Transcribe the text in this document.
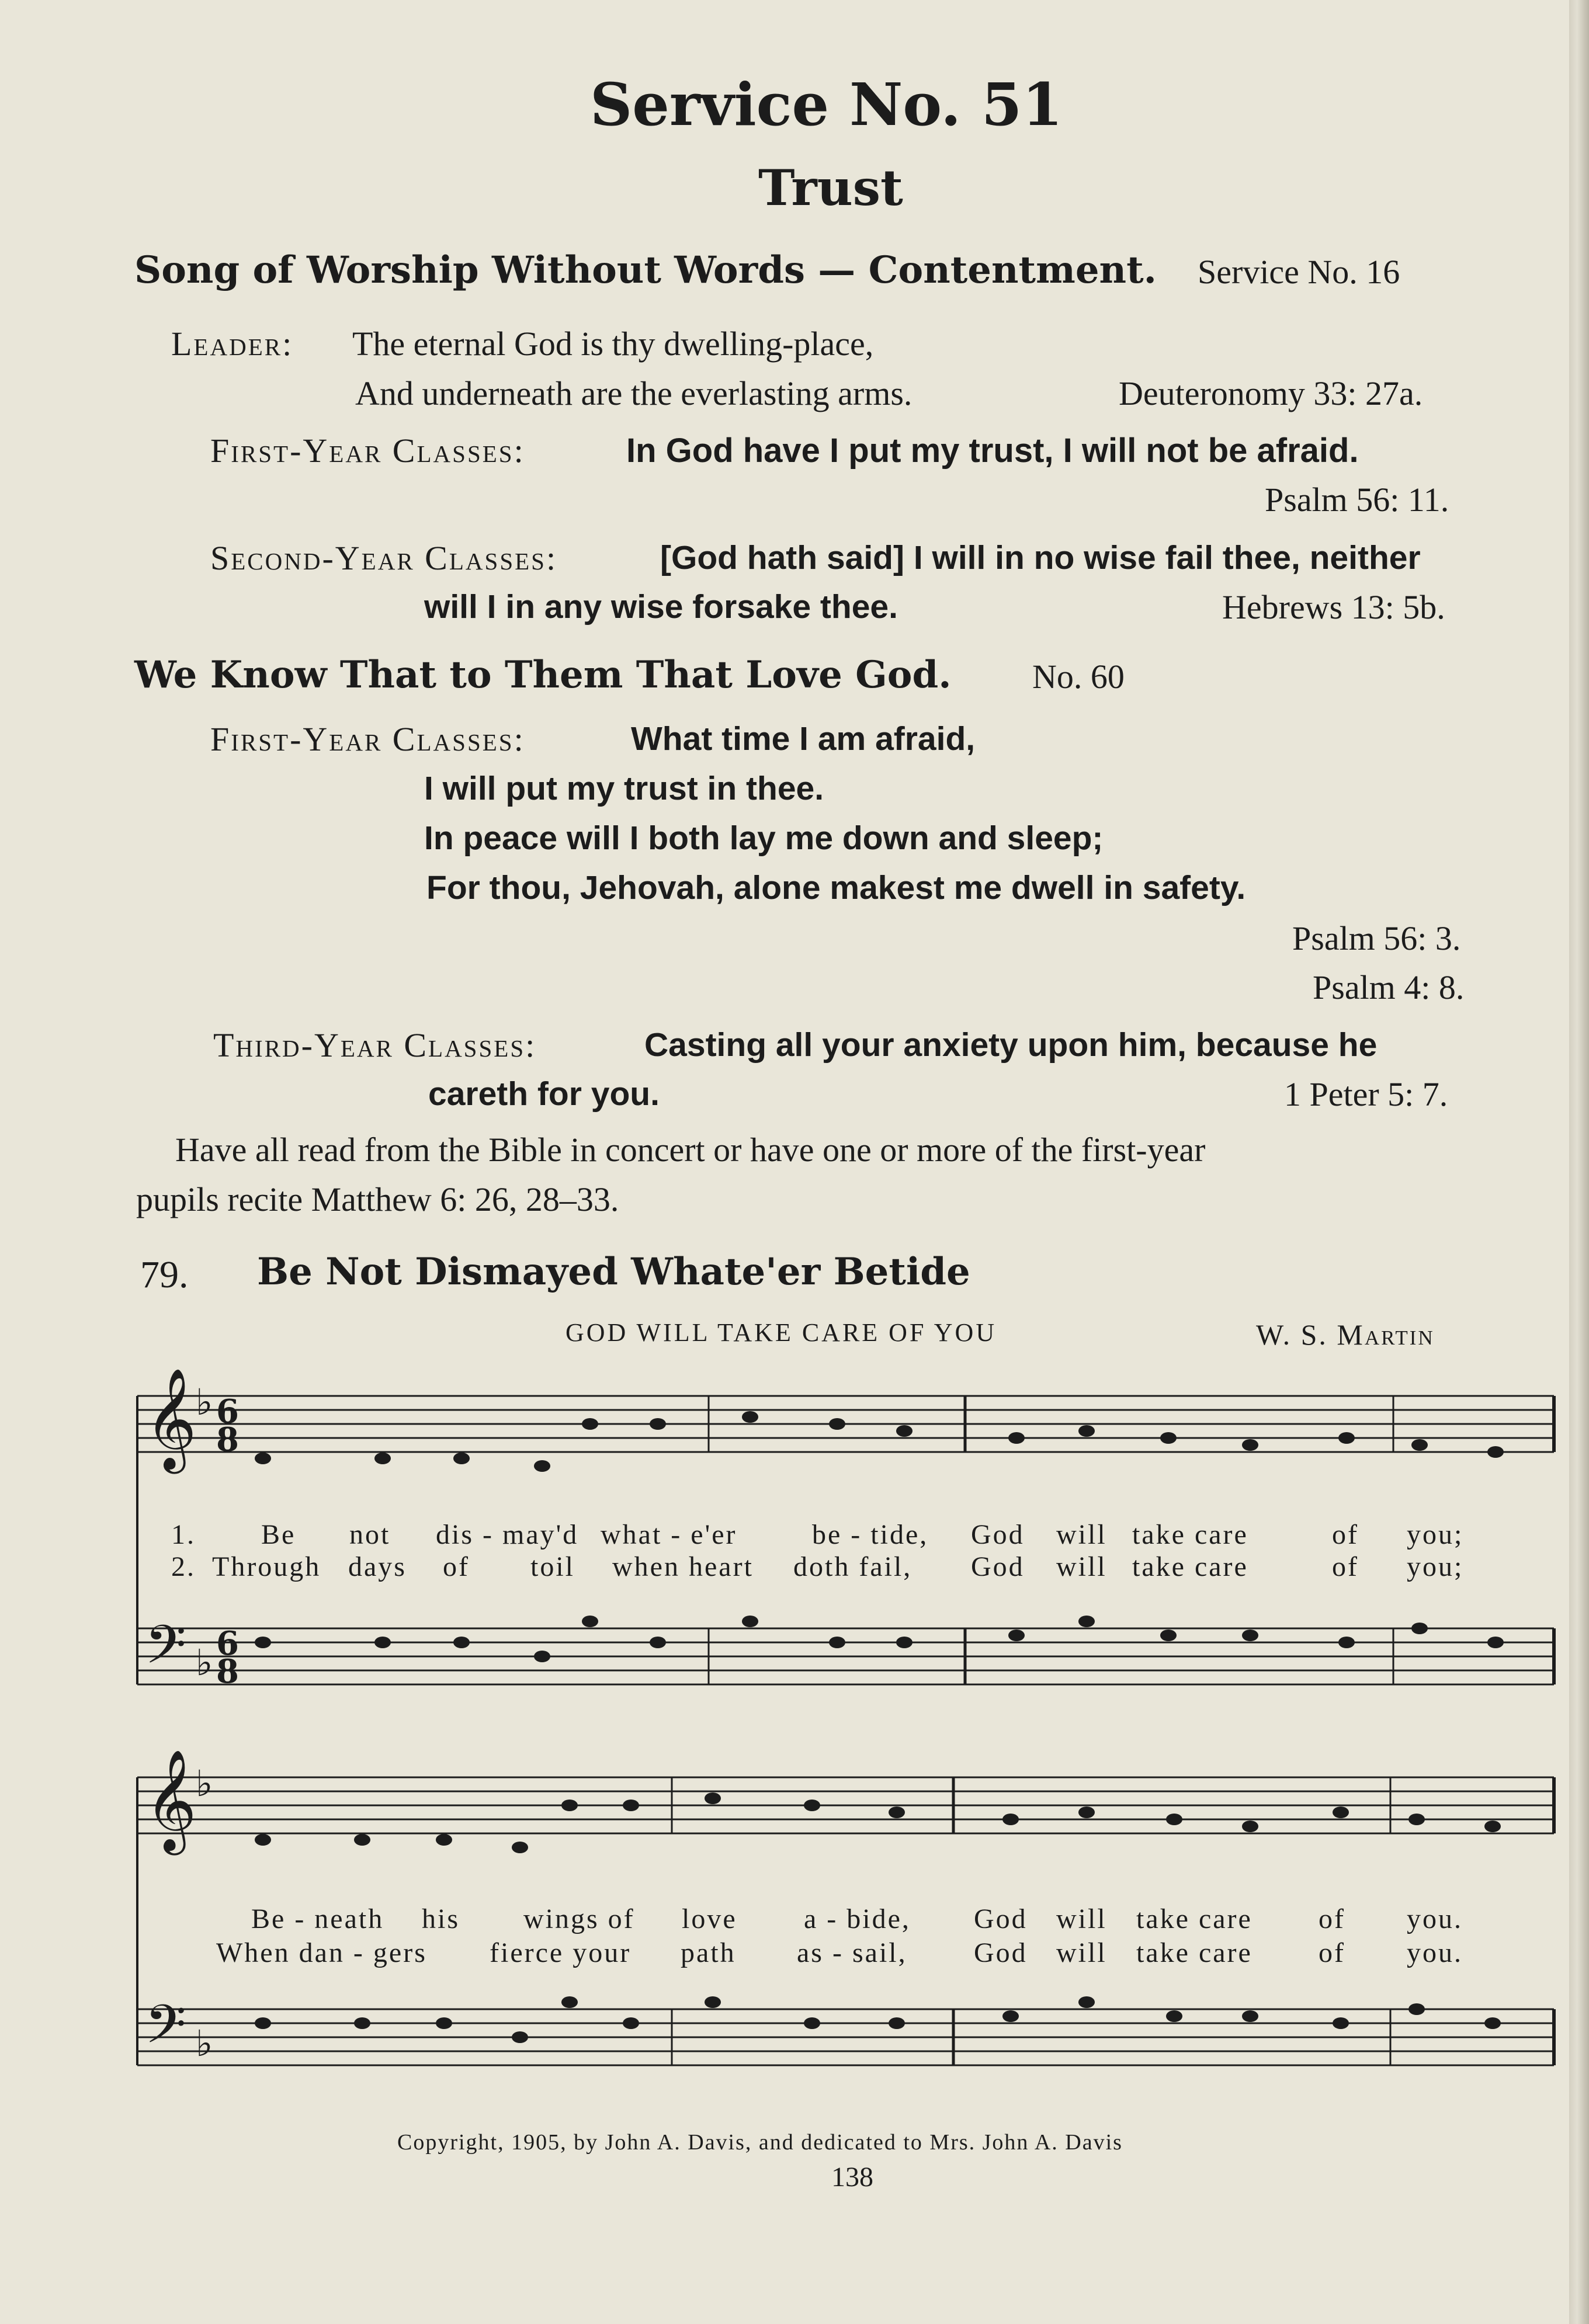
Service No. 51
Trust
Song of Worship Without Words — Contentment. Service No. 16
Leader: The eternal God is thy dwelling-place,
And underneath are the everlasting arms.	Deuteronomy 33: 27a.
First-Year Classes:	In God have I put my trust, I will not be afraid.
Psalm 56: 11.
Second-Year Classes:	[God hath said] I will in no wise fail thee, neither
will I in any wise forsake thee.	Hebrews 13: 5b.
We Know That to Them That Love God. No. 60
First-Year Classes:	What time I am afraid,
I will put my trust in thee.
In peace will I both lay me down and sleep;
For thou, Jehovah, alone makest me dwell in safety.
Psalm 56: 3.
Psalm 4: 8.
Third-Year Classes:	Casting all your anxiety upon him, because he
careth for you.	1 Peter 5: 7.
Have all read from the Bible in concert or have one or more of the first-year
pupils recite Matthew 6: 26, 28–33.
79. Be Not Dismayed Whate'er Betide
GOD WILL TAKE CARE OF YOU	W. S. Martin
𝄞
𝄢
𝄞
𝄢
♭
♭
♭
♭
6
8
6
8
1. Be not dis - may'd what - e'er	be - tide, God will take care	of you;
2. Through days of toil when heart doth fail, God will take care	of you;
Be - neath his wings of love a - bide, God will take care of you.
When dan - gers fierce your path as - sail, God will take care of you.
Copyright, 1905, by John A. Davis, and dedicated to Mrs. John A. Davis
138
